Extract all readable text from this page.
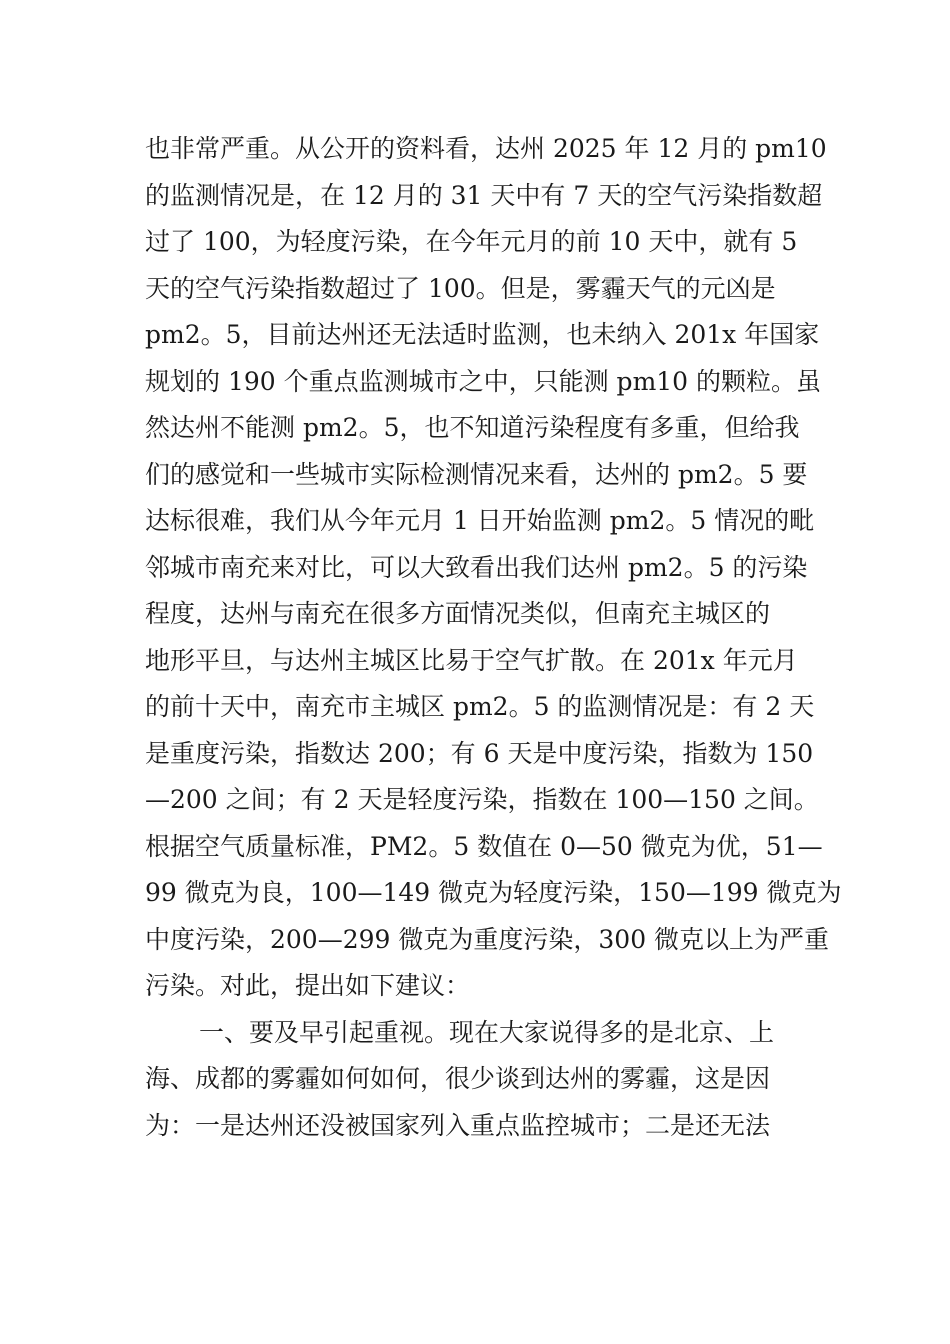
也非常严重。从公开的资料看，达州 2025 年 12 月的 pm10
的监测情况是，在 12 月的 31 天中有 7 天的空气污染指数超
过了 100，为轻度污染，在今年元月的前 10 天中，就有 5
天的空气污染指数超过了 100。但是，雾霾天气的元凶是
pm2。5，目前达州还无法适时监测，也未纳入 201x 年国家
规划的 190 个重点监测城市之中，只能测 pm10 的颗粒。虽
然达州不能测 pm2。5，也不知道污染程度有多重，但给我
们的感觉和一些城市实际检测情况来看，达州的 pm2。5 要
达标很难，我们从今年元月 1 日开始监测 pm2。5 情况的毗
邻城市南充来对比，可以大致看出我们达州 pm2。5 的污染
程度，达州与南充在很多方面情况类似，但南充主城区的
地形平旦，与达州主城区比易于空气扩散。在 201x 年元月
的前十天中，南充市主城区 pm2。5 的监测情况是：有 2 天
是重度污染，指数达 200；有 6 天是中度污染，指数为 150
—200 之间；有 2 天是轻度污染，指数在 100—150 之间。
根据空气质量标准，PM2。5 数值在 0—50 微克为优，51—
99 微克为良，100—149 微克为轻度污染，150—199 微克为
中度污染，200—299 微克为重度污染，300 微克以上为严重
污染。对此，提出如下建议：
一、要及早引起重视。现在大家说得多的是北京、上
海、成都的雾霾如何如何，很少谈到达州的雾霾，这是因
为：一是达州还没被国家列入重点监控城市；二是还无法
